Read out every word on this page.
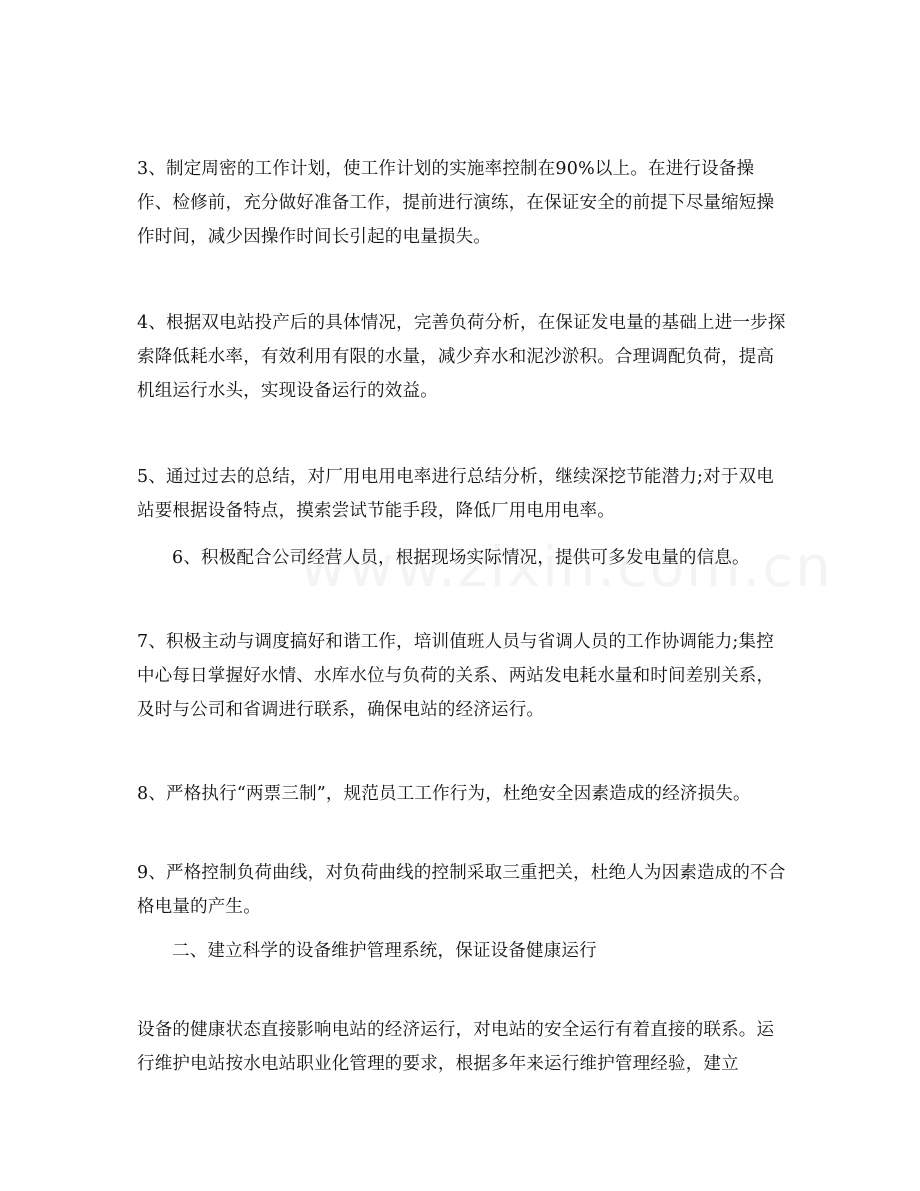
3、制定周密的工作计划，使工作计划的实施率控制在90%以上。在进行设备操作、检修前，充分做好准备工作，提前进行演练，在保证安全的前提下尽量缩短操作时间，减少因操作时间长引起的电量损失。

4、根据双电站投产后的具体情况，完善负荷分析，在保证发电量的基础上进一步探索降低耗水率，有效利用有限的水量，减少弃水和泥沙淤积。合理调配负荷，提高机组运行水头，实现设备运行的效益。

5、通过过去的总结，对厂用电用电率进行总结分析，继续深挖节能潜力;对于双电站要根据设备特点，摸索尝试节能手段，降低厂用电用电率。

6、积极配合公司经营人员，根据现场实际情况，提供可多发电量的信息。

7、积极主动与调度搞好和谐工作，培训值班人员与省调人员的工作协调能力;集控中心每日掌握好水情、水库水位与负荷的关系、两站发电耗水量和时间差别关系，及时与公司和省调进行联系，确保电站的经济运行。

8、严格执行“两票三制”，规范员工工作行为，杜绝安全因素造成的经济损失。

9、严格控制负荷曲线，对负荷曲线的控制采取三重把关，杜绝人为因素造成的不合格电量的产生。

二、建立科学的设备维护管理系统，保证设备健康运行

设备的健康状态直接影响电站的经济运行，对电站的安全运行有着直接的联系。运行维护电站按水电站职业化管理的要求，根据多年来运行维护管理经验，建立
